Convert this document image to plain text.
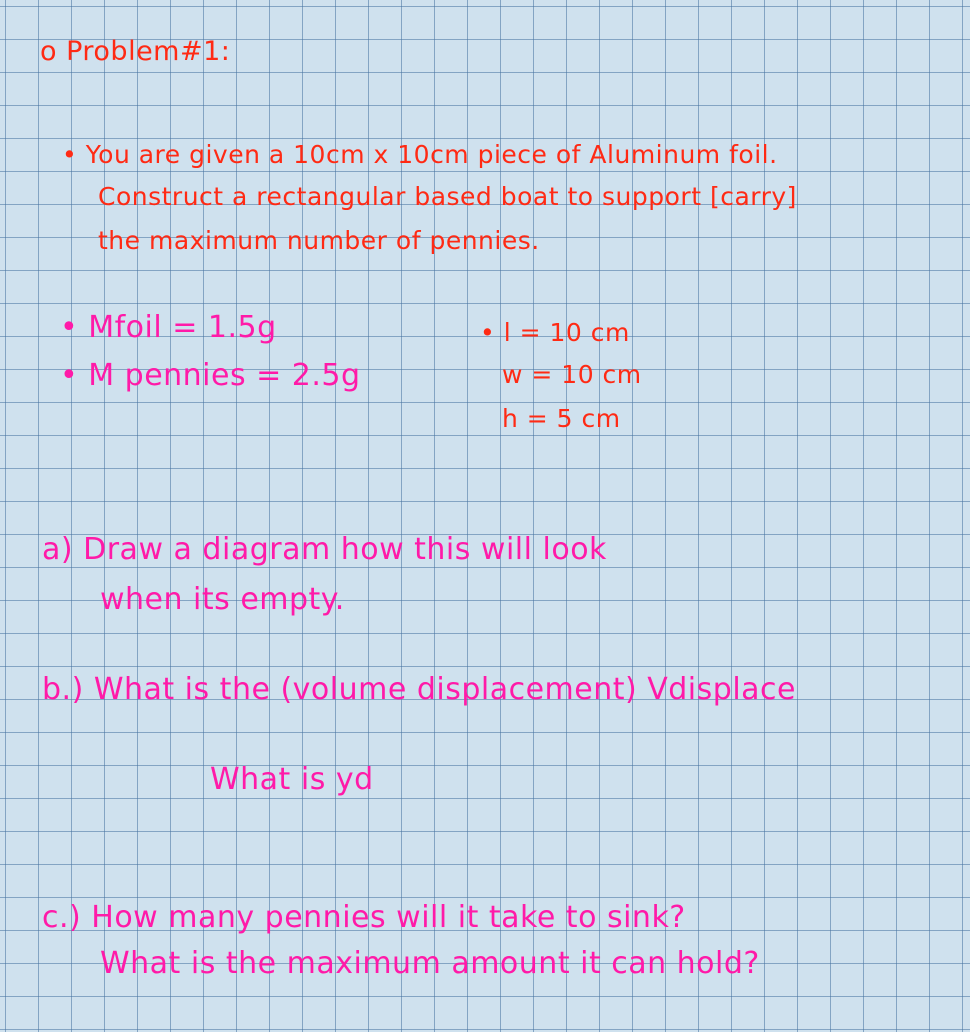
o Problem#1:
• You are given a 10cm x 10cm piece of Aluminum foil.
Construct a rectangular based boat to support [carry]
the maximum number of pennies.
• Mfoil = 1.5g
• M pennies = 2.5g
• l = 10 cm
w = 10 cm
h = 5 cm
a) Draw a diagram how this will look
when its empty.
b.) What is the (volume displacement) Vdisplace
What is yd
c.) How many pennies will it take to sink?
What is the maximum amount it can hold?
